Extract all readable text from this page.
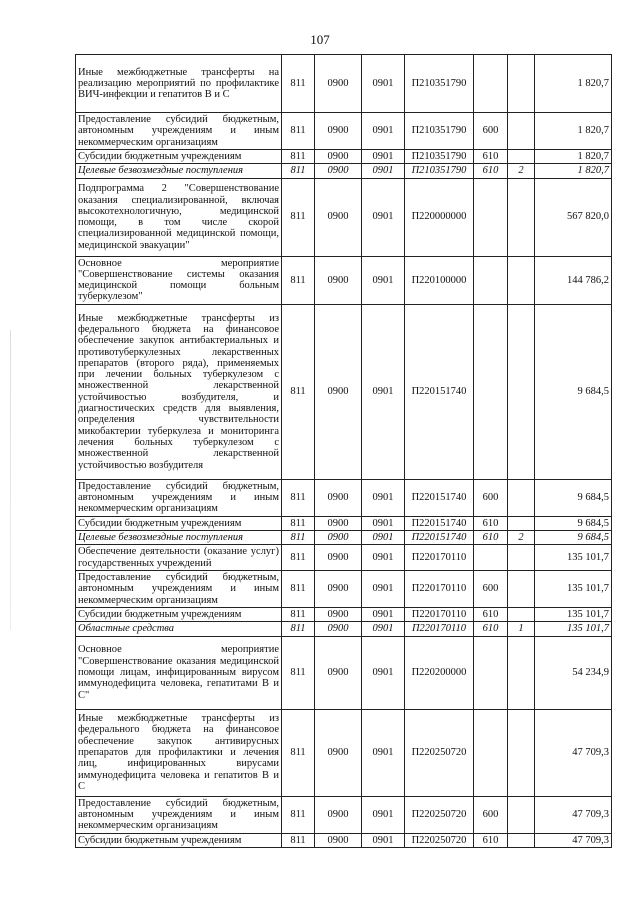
107
Иные межбюджетные трансферты на реализацию мероприятий по профилактике ВИЧ-инфекции и гепатитов В и С	811	0900	0901	П210351790			1 820,7
Предоставление субсидий бюджетным, автономным учреждениям и иным некоммерческим организациям	811	0900	0901	П210351790	600		1 820,7
Субсидии бюджетным учреждениям	811	0900	0901	П210351790	610		1 820,7
Целевые безвозмездные поступления	811	0900	0901	П210351790	610	2	1 820,7
Подпрограмма 2 "Совершенствование оказания специализированной, включая высокотехнологичную, медицинской помощи, в том числе скорой специализированной медицинской помощи, медицинской эвакуации"	811	0900	0901	П220000000			567 820,0
Основное мероприятие "Совершенствование системы оказания медицинской помощи больным туберкулезом"	811	0900	0901	П220100000			144 786,2
Иные межбюджетные трансферты из федерального бюджета на финансовое обеспечение закупок антибактериальных и противотуберкулезных лекарственных препаратов (второго ряда), применяемых при лечении больных туберкулезом с множественной лекарственной устойчивостью возбудителя, и диагностических средств для выявления, определения чувствительности микобактерии туберкулеза и мониторинга лечения больных туберкулезом с множественной лекарственной устойчивостью возбудителя	811	0900	0901	П220151740			9 684,5
Предоставление субсидий бюджетным, автономным учреждениям и иным некоммерческим организациям	811	0900	0901	П220151740	600		9 684,5
Субсидии бюджетным учреждениям	811	0900	0901	П220151740	610		9 684,5
Целевые безвозмездные поступления	811	0900	0901	П220151740	610	2	9 684,5
Обеспечение деятельности (оказание услуг) государственных учреждений	811	0900	0901	П220170110			135 101,7
Предоставление субсидий бюджетным, автономным учреждениям и иным некоммерческим организациям	811	0900	0901	П220170110	600		135 101,7
Субсидии бюджетным учреждениям	811	0900	0901	П220170110	610		135 101,7
Областные средства	811	0900	0901	П220170110	610	1	135 101,7
Основное мероприятие "Совершенствование оказания медицинской помощи лицам, инфицированным вирусом иммунодефицита человека, гепатитами В и С"	811	0900	0901	П220200000			54 234,9
Иные межбюджетные трансферты из федерального бюджета на финансовое обеспечение закупок антивирусных препаратов для профилактики и лечения лиц, инфицированных вирусами иммунодефицита человека и гепатитов В и С	811	0900	0901	П220250720			47 709,3
Предоставление субсидий бюджетным, автономным учреждениям и иным некоммерческим организациям	811	0900	0901	П220250720	600		47 709,3
Субсидии бюджетным учреждениям	811	0900	0901	П220250720	610		47 709,3
